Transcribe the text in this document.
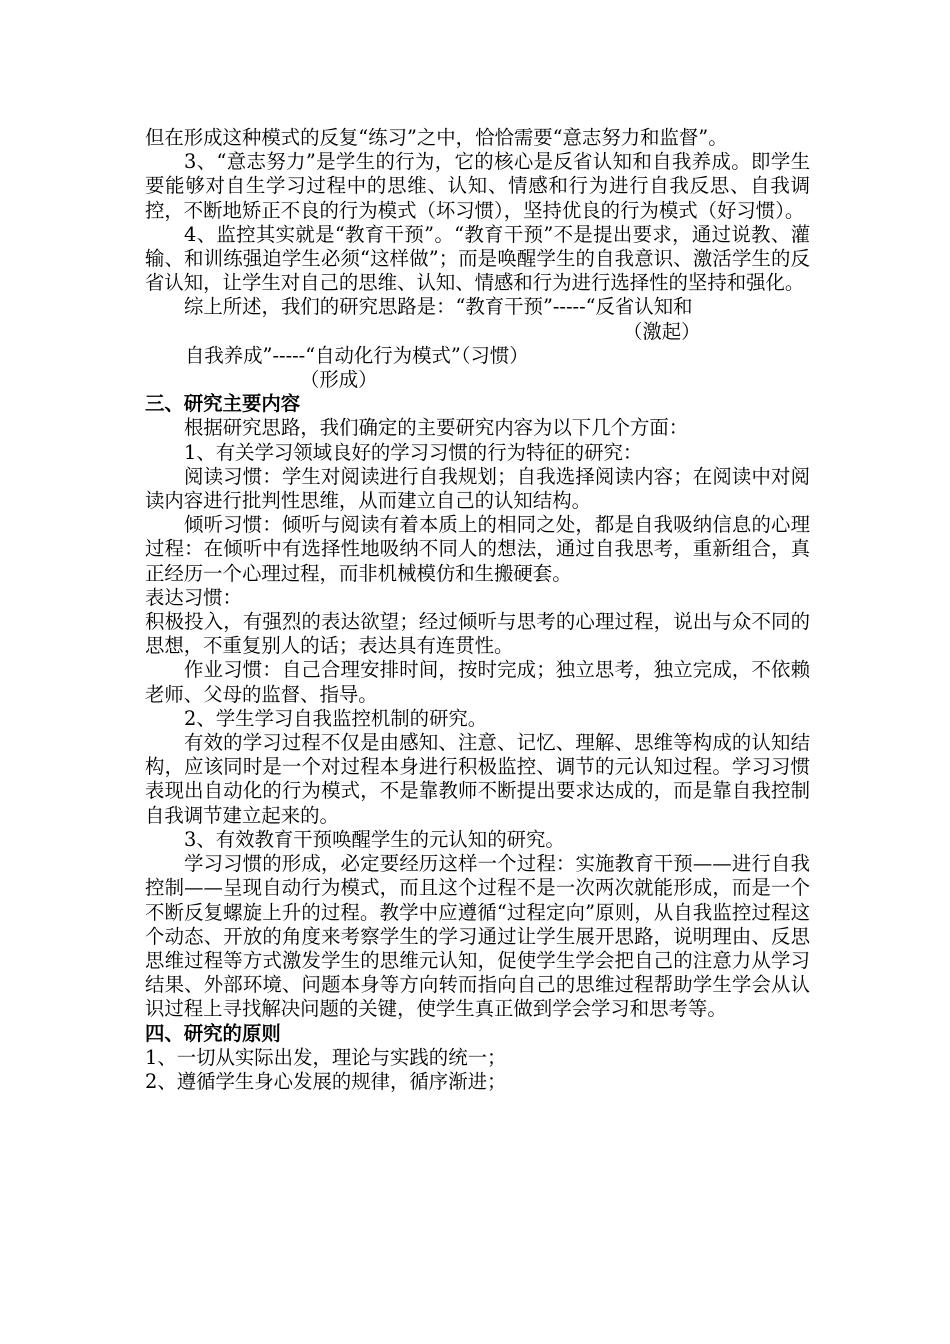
但在形成这种模式的反复“练习”之中，恰恰需要“意志努力和监督”。

3、“意志努力”是学生的行为，它的核心是反省认知和自我养成。即学生要能够对自生学习过程中的思维、认知、情感和行为进行自我反思、自我调控，不断地矫正不良的行为模式（坏习惯），坚持优良的行为模式（好习惯）。

4、监控其实就是“教育干预”。“教育干预”不是提出要求，通过说教、灌输、和训练强迫学生必须“这样做”；而是唤醒学生的自我意识、激活学生的反省认知，让学生对自己的思维、认知、情感和行为进行选择性的坚持和强化。

综上所述，我们的研究思路是：“教育干预”-----“反省认知和

（激起）

自我养成”-----“自动化行为模式”（习惯）

（形成）

三、研究主要内容

根据研究思路，我们确定的主要研究内容为以下几个方面：

1、有关学习领域良好的学习习惯的行为特征的研究：

阅读习惯：学生对阅读进行自我规划；自我选择阅读内容；在阅读中对阅读内容进行批判性思维，从而建立自己的认知结构。

倾听习惯：倾听与阅读有着本质上的相同之处，都是自我吸纳信息的心理过程：在倾听中有选择性地吸纳不同人的想法，通过自我思考，重新组合，真正经历一个心理过程，而非机械模仿和生搬硬套。

表达习惯：

积极投入，有强烈的表达欲望；经过倾听与思考的心理过程，说出与众不同的思想，不重复别人的话；表达具有连贯性。

作业习惯：自己合理安排时间，按时完成；独立思考，独立完成，不依赖老师、父母的监督、指导。

2、学生学习自我监控机制的研究。

有效的学习过程不仅是由感知、注意、记忆、理解、思维等构成的认知结构，应该同时是一个对过程本身进行积极监控、调节的元认知过程。学习习惯表现出自动化的行为模式，不是靠教师不断提出要求达成的，而是靠自我控制自我调节建立起来的。

3、有效教育干预唤醒学生的元认知的研究。

学习习惯的形成，必定要经历这样一个过程：实施教育干预——进行自我控制——呈现自动行为模式，而且这个过程不是一次两次就能形成，而是一个不断反复螺旋上升的过程。教学中应遵循“过程定向”原则，从自我监控过程这个动态、开放的角度来考察学生的学习通过让学生展开思路，说明理由、反思思维过程等方式激发学生的思维元认知，促使学生学会把自己的注意力从学习结果、外部环境、问题本身等方向转而指向自己的思维过程帮助学生学会从认识过程上寻找解决问题的关键，使学生真正做到学会学习和思考等。

四、研究的原则

1、一切从实际出发，理论与实践的统一；

2、遵循学生身心发展的规律，循序渐进；
